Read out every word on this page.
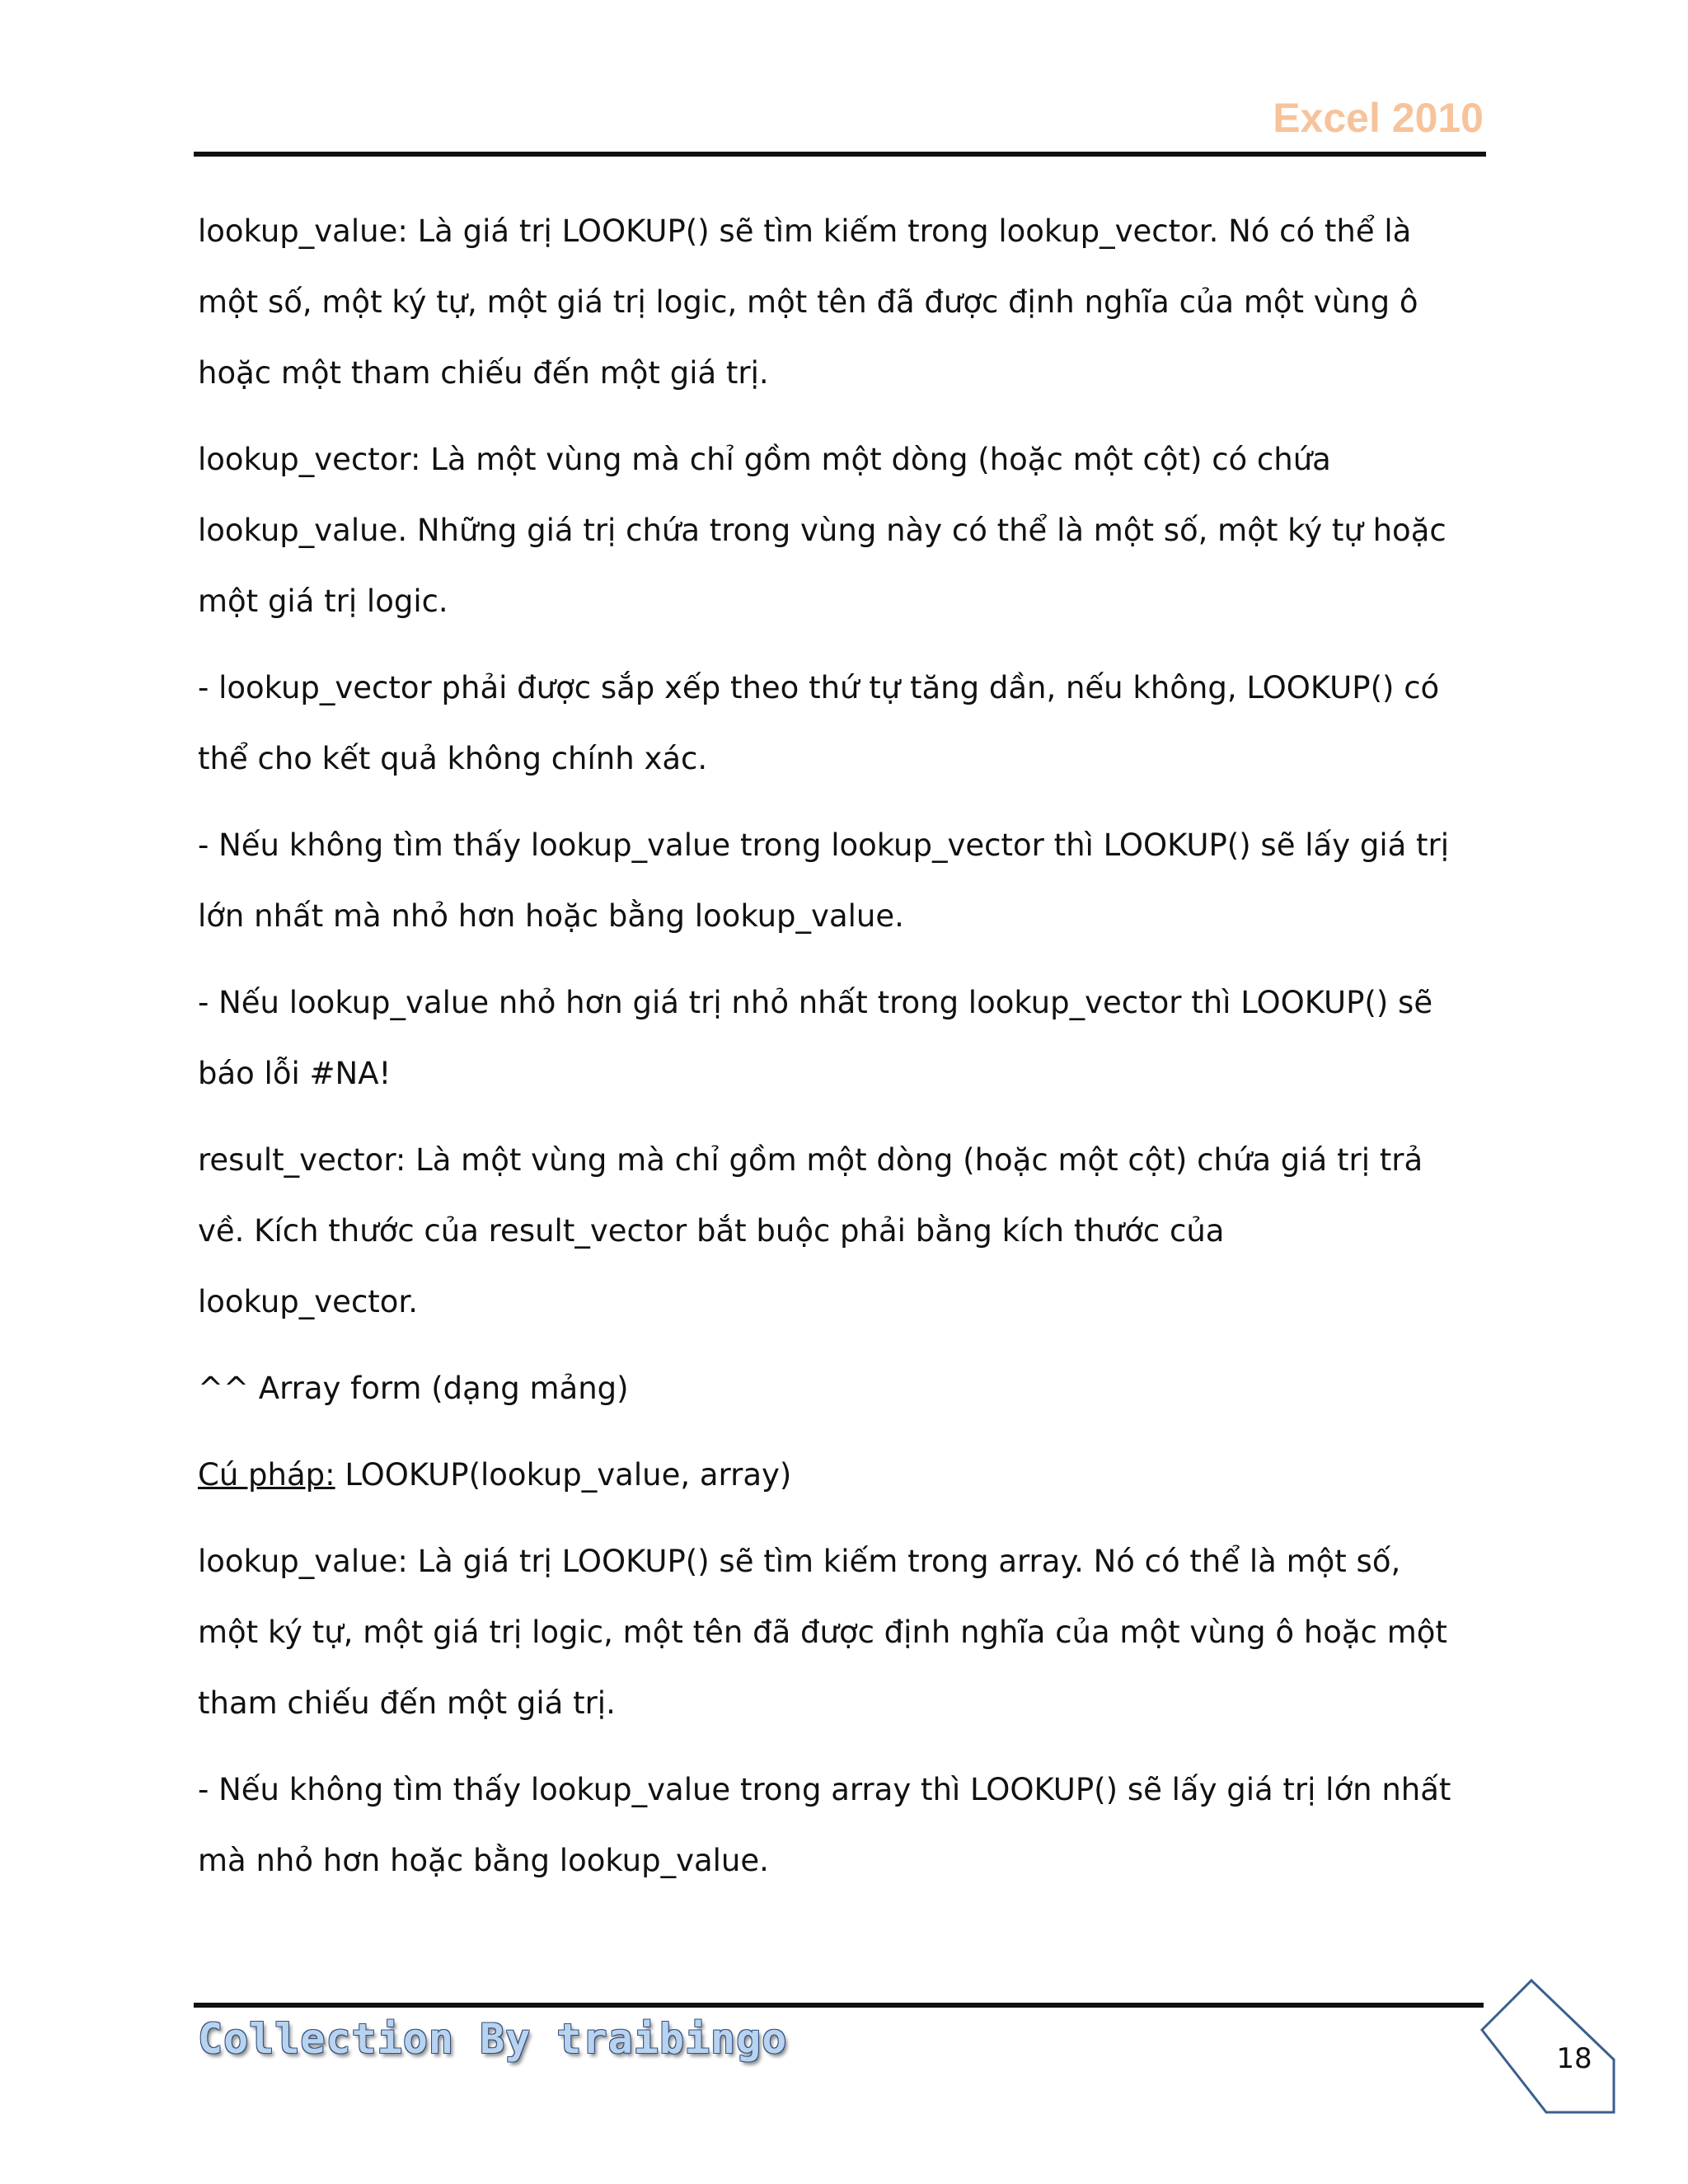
Excel 2010

lookup_value: Là giá trị LOOKUP() sẽ tìm kiếm trong lookup_vector. Nó có thể là
một số, một ký tự, một giá trị logic, một tên đã được định nghĩa của một vùng ô
hoặc một tham chiếu đến một giá trị.

lookup_vector: Là một vùng mà chỉ gồm một dòng (hoặc một cột) có chứa
lookup_value. Những giá trị chứa trong vùng này có thể là một số, một ký tự hoặc
một giá trị logic.

- lookup_vector phải được sắp xếp theo thứ tự tăng dần, nếu không, LOOKUP() có
thể cho kết quả không chính xác.

- Nếu không tìm thấy lookup_value trong lookup_vector thì LOOKUP() sẽ lấy giá trị
lớn nhất mà nhỏ hơn hoặc bằng lookup_value.

- Nếu lookup_value nhỏ hơn giá trị nhỏ nhất trong lookup_vector thì LOOKUP() sẽ
báo lỗi #NA!

result_vector: Là một vùng mà chỉ gồm một dòng (hoặc một cột) chứa giá trị trả
về. Kích thước của result_vector bắt buộc phải bằng kích thước của
lookup_vector.

^^ Array form (dạng mảng)

Cú pháp: LOOKUP(lookup_value, array)

lookup_value: Là giá trị LOOKUP() sẽ tìm kiếm trong array. Nó có thể là một số,
một ký tự, một giá trị logic, một tên đã được định nghĩa của một vùng ô hoặc một
tham chiếu đến một giá trị.

- Nếu không tìm thấy lookup_value trong array thì LOOKUP() sẽ lấy giá trị lớn nhất
mà nhỏ hơn hoặc bằng lookup_value.

Collection By traibingo	18
